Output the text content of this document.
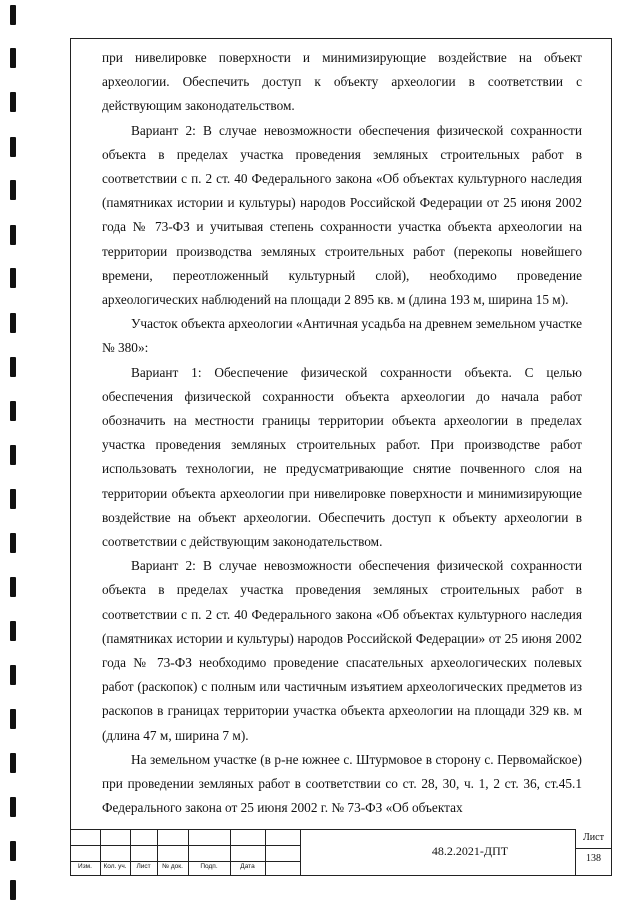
при нивелировке поверхности и минимизирующие воздействие на объект археологии. Обеспечить доступ к объекту археологии в соответствии с действующим законодательством.

Вариант 2: В случае невозможности обеспечения физической сохранности объекта в пределах участка проведения земляных строительных работ в соответствии с п. 2 ст. 40 Федерального закона «Об объектах культурного наследия (памятниках истории и культуры) народов Российской Федерации от 25 июня 2002 года № 73-ФЗ и учитывая степень сохранности участка объекта археологии на территории производства земляных строительных работ (перекопы новейшего времени, переотложенный культурный слой), необходимо проведение археологических наблюдений на площади 2 895 кв. м (длина 193 м, ширина 15 м).

Участок объекта археологии «Античная усадьба на древнем земельном участке № 380»:

Вариант 1: Обеспечение физической сохранности объекта. С целью обеспечения физической сохранности объекта археологии до начала работ обозначить на местности границы территории объекта археологии в пределах участка проведения земляных строительных работ. При производстве работ использовать технологии, не предусматривающие снятие почвенного слоя на территории объекта археологии при нивелировке поверхности и минимизирующие воздействие на объект археологии. Обеспечить доступ к объекту археологии в соответствии с действующим законодательством.

Вариант 2: В случае невозможности обеспечения физической сохранности объекта в пределах участка проведения земляных строительных работ в соответствии с п. 2 ст. 40 Федерального закона «Об объектах культурного наследия (памятниках истории и культуры) народов Российской Федерации» от 25 июня 2002 года № 73-ФЗ необходимо проведение спасательных археологических полевых работ (раскопок) с полным или частичным изъятием археологических предметов из раскопов в границах территории участка объекта археологии на площади 329 кв. м (длина 47 м, ширина 7 м).

На земельном участке (в р-не южнее с. Штурмовое в сторону с. Первомайское) при проведении земляных работ в соответствии со ст. 28, 30, ч. 1, 2 ст. 36, ст.45.1 Федерального закона от 25 июня 2002 г. № 73-ФЗ «Об объектах

Изм.	Кол. уч.	Лист	№ док.	Подп.	Дата
48.2.2021-ДПТ
Лист
138
